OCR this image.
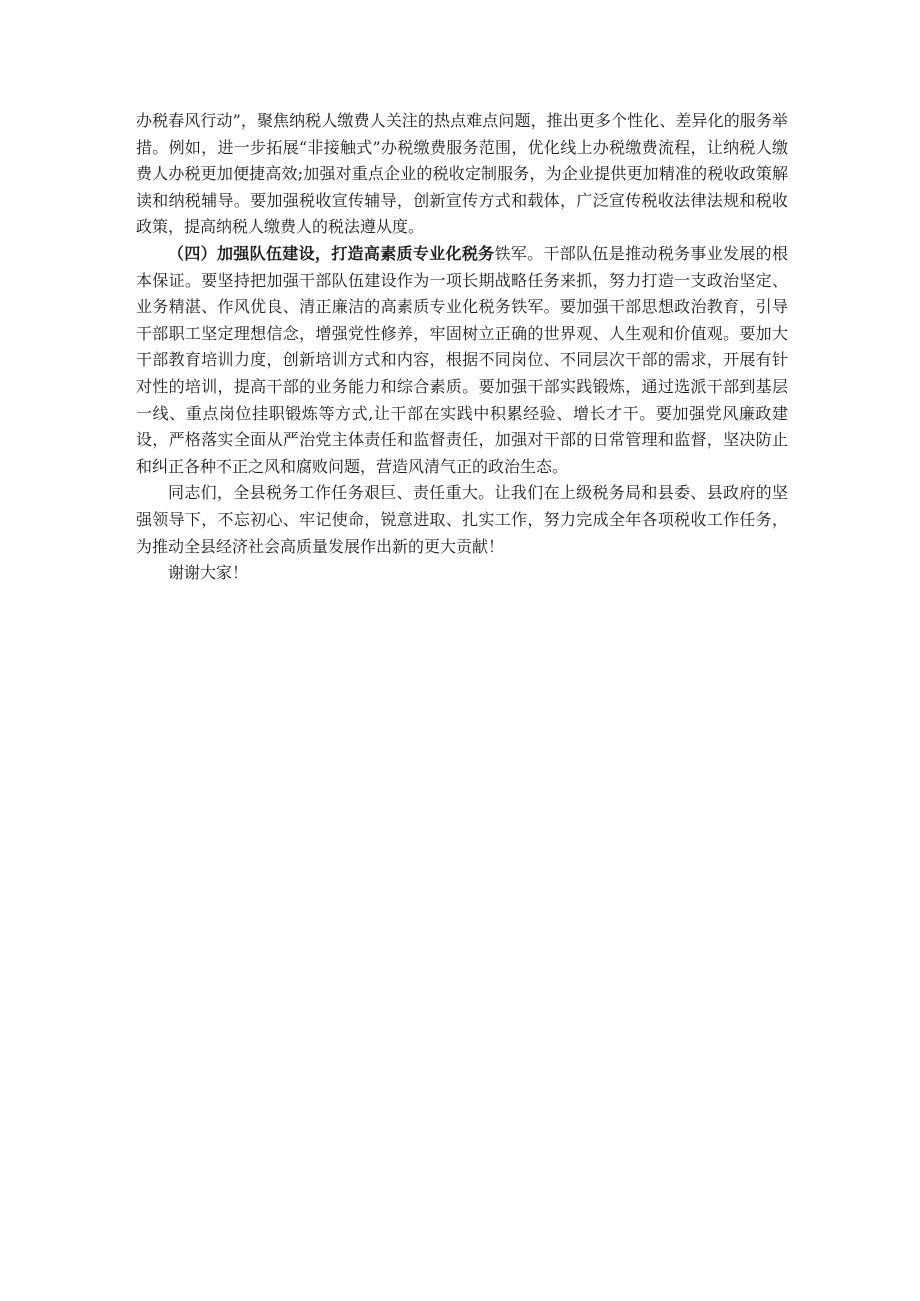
办税春风行动”，聚焦纳税人缴费人关注的热点难点问题，推出更多个性化、差异化的服务举措。例如，进一步拓展“非接触式”办税缴费服务范围，优化线上办税缴费流程，让纳税人缴费人办税更加便捷高效;加强对重点企业的税收定制服务，为企业提供更加精准的税收政策解读和纳税辅导。要加强税收宣传辅导，创新宣传方式和载体，广泛宣传税收法律法规和税收政策，提高纳税人缴费人的税法遵从度。

（四）加强队伍建设，打造高素质专业化税务铁军。干部队伍是推动税务事业发展的根本保证。要坚持把加强干部队伍建设作为一项长期战略任务来抓，努力打造一支政治坚定、业务精湛、作风优良、清正廉洁的高素质专业化税务铁军。要加强干部思想政治教育，引导干部职工坚定理想信念，增强党性修养，牢固树立正确的世界观、人生观和价值观。要加大干部教育培训力度，创新培训方式和内容，根据不同岗位、不同层次干部的需求，开展有针对性的培训，提高干部的业务能力和综合素质。要加强干部实践锻炼，通过选派干部到基层一线、重点岗位挂职锻炼等方式,让干部在实践中积累经验、增长才干。要加强党风廉政建设，严格落实全面从严治党主体责任和监督责任，加强对干部的日常管理和监督，坚决防止和纠正各种不正之风和腐败问题，营造风清气正的政治生态。

同志们，全县税务工作任务艰巨、责任重大。让我们在上级税务局和县委、县政府的坚强领导下，不忘初心、牢记使命，锐意进取、扎实工作，努力完成全年各项税收工作任务，为推动全县经济社会高质量发展作出新的更大贡献！

谢谢大家！
